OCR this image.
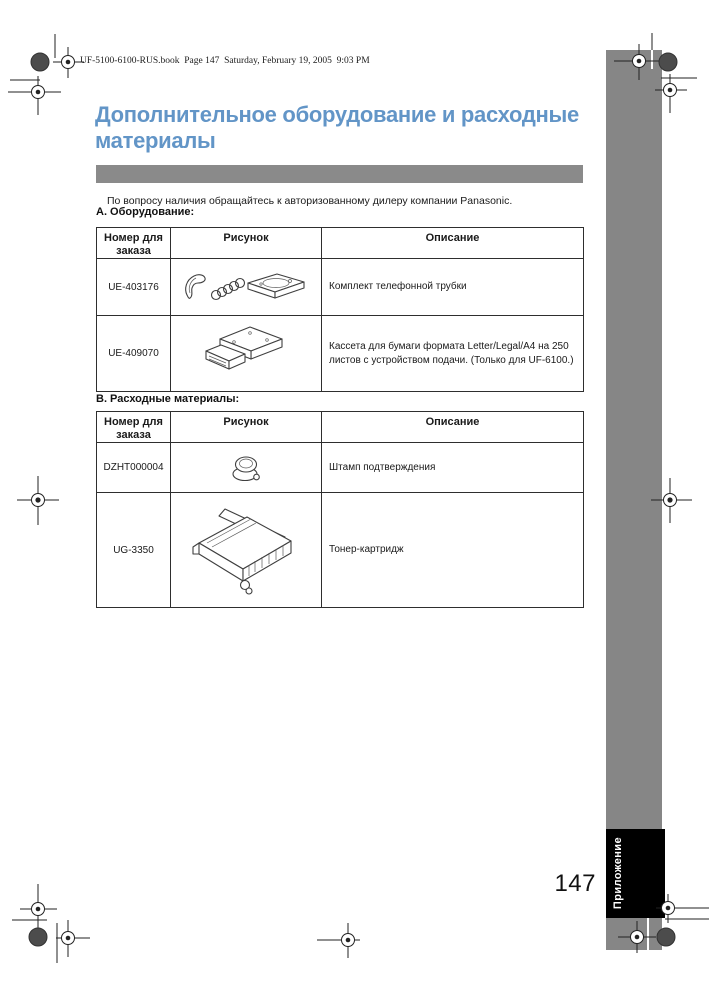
Приложение
UF-5100-6100-RUS.book  Page 147  Saturday, February 19, 2005  9:03 PM
Дополнительное оборудование и расходные материалы

По вопросу наличия обращайтесь к авторизованному дилеру компании Panasonic.

А. Оборудование:
Номер для заказа	Рисунок	Описание
UE-403176		Комплект телефонной трубки
UE-409070		Кассета для бумаги формата Letter/Legal/A4 на 250 листов с устройством подачи. (Только для UF-6100.)
В. Расходные материалы:
Номер для заказа	Рисунок	Описание
DZHT000004		Штамп подтверждения
UG-3350		Тонер-картридж
147
